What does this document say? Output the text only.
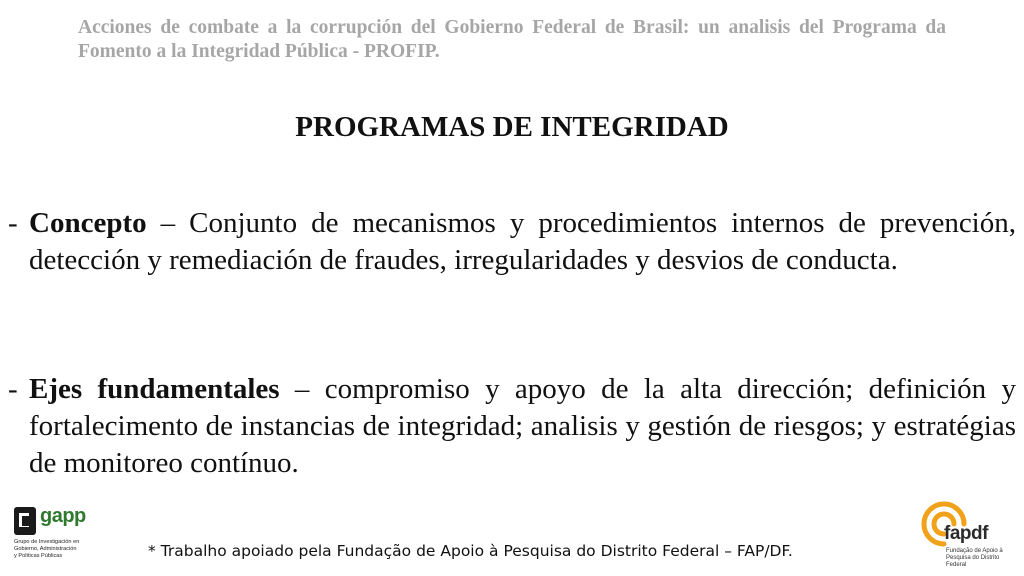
Acciones de combate a la corrupción del Gobierno Federal de Brasil: un analisis del Programa da Fomento a la Integridad Pública - PROFIP.
PROGRAMAS DE INTEGRIDAD
- Concepto – Conjunto de mecanismos y procedimientos internos de prevención, detección y remediación de fraudes, irregularidades y desvios de conducta.
- Ejes fundamentales – compromiso y apoyo de la alta dirección; definición y fortalecimento de instancias de integridad; analisis y gestión de riesgos; y estratégias de monitoreo contínuo.
gapp
Grupo de Investigación en
Gobierno, Administración
y Políticas Públicas	* Trabalho apoiado pela Fundação de Apoio à Pesquisa do Distrito Federal – FAP/DF.
fapdf
Fundação de Apoio à
Pesquisa do Distrito Federal
